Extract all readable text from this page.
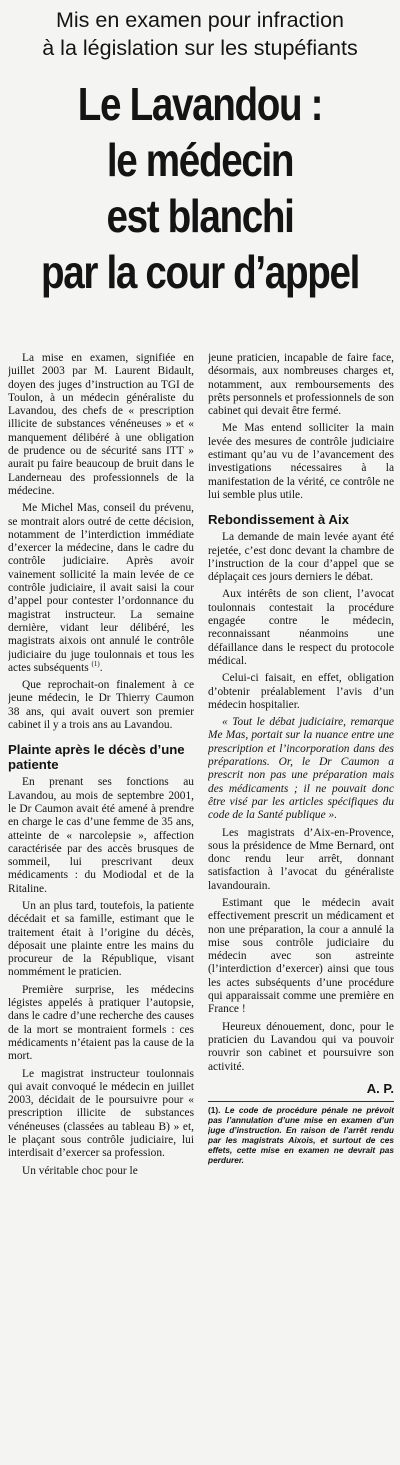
Mis en examen pour infraction
à la législation sur les stupéfiants
Le Lavandou :
le médecin
est blanchi
par la cour d’appel

La mise en examen, signifiée en juillet 2003 par M. Laurent Bidault, doyen des juges d’instruction au TGI de Toulon, à un médecin généraliste du Lavandou, des chefs de « prescription illicite de substances vénéneuses » et « manquement délibéré à une obligation de prudence ou de sécurité sans ITT » aurait pu faire beaucoup de bruit dans le Landerneau des professionnels de la médecine.

Me Michel Mas, conseil du prévenu, se montrait alors outré de cette décision, notamment de l’interdiction immédiate d’exercer la médecine, dans le cadre du contrôle judiciaire. Après avoir vainement sollicité la main levée de ce contrôle judiciaire, il avait saisi la cour d’appel pour contester l’ordonnance du magistrat instructeur. La semaine dernière, vidant leur délibéré, les magistrats aixois ont annulé le contrôle judiciaire du juge toulonnais et tous les actes subséquents $^{(1)}$.

Que reprochait-on finalement à ce jeune médecin, le Dr Thierry Caumon 38 ans, qui avait ouvert son premier cabinet il y a trois ans au Lavandou.

Plainte après le décès d’une patiente

En prenant ses fonctions au Lavandou, au mois de septembre 2001, le Dr Caumon avait été amené à prendre en charge le cas d’une femme de 35 ans, atteinte de « narcolepsie », affection caractérisée par des accès brusques de sommeil, lui prescrivant deux médicaments : du Modiodal et de la Ritaline.

Un an plus tard, toutefois, la patiente décédait et sa famille, estimant que le traitement était à l’origine du décès, déposait une plainte entre les mains du procureur de la République, visant nommément le praticien.

Première surprise, les médecins légistes appelés à pratiquer l’autopsie, dans le cadre d’une recherche des causes de la mort se montraient formels : ces médicaments n’étaient pas la cause de la mort.

Le magistrat instructeur toulonnais qui avait convoqué le médecin en juillet 2003, décidait de le poursuivre pour « prescription illicite de substances vénéneuses (classées au tableau B) » et, le plaçant sous contrôle judiciaire, lui interdisait d’exercer sa profession.

Un véritable choc pour le

jeune praticien, incapable de faire face, désormais, aux nombreuses charges et, notamment, aux remboursements des prêts personnels et professionnels de son cabinet qui devait être fermé.

Me Mas entend solliciter la main levée des mesures de contrôle judiciaire estimant qu’au vu de l’avancement des investigations nécessaires à la manifestation de la vérité, ce contrôle ne lui semble plus utile.

Rebondissement à Aix

La demande de main levée ayant été rejetée, c’est donc devant la chambre de l’instruction de la cour d’appel que se déplaçait ces jours derniers le débat.

Aux intérêts de son client, l’avocat toulonnais contestait la procédure engagée contre le médecin, reconnaissant néanmoins une défaillance dans le respect du protocole médical.

Celui-ci faisait, en effet, obligation d’obtenir préalablement l’avis d’un médecin hospitalier.

« Tout le débat judiciaire, remarque Me Mas, portait sur la nuance entre une prescription et l’incorporation dans des préparations. Or, le Dr Caumon a prescrit non pas une préparation mais des médicaments ; il ne pouvait donc être visé par les articles spécifiques du code de la Santé publique ».

Les magistrats d’Aix-en-Provence, sous la présidence de Mme Bernard, ont donc rendu leur arrêt, donnant satisfaction à l’avocat du généraliste lavandourain.

Estimant que le médecin avait effectivement prescrit un médicament et non une préparation, la cour a annulé la mise sous contrôle judiciaire du médecin avec son astreinte (l’interdiction d’exercer) ainsi que tous les actes subséquents d’une procédure qui apparaissait comme une première en France !

Heureux dénouement, donc, pour le praticien du Lavandou qui va pouvoir rouvrir son cabinet et poursuivre son activité.

A. P.
(1). Le code de procédure pénale ne prévoit pas l’annulation d’une mise en examen d’un juge d’instruction. En raison de l’arrêt rendu par les magistrats Aixois, et surtout de ces effets, cette mise en examen ne devrait pas perdurer.
